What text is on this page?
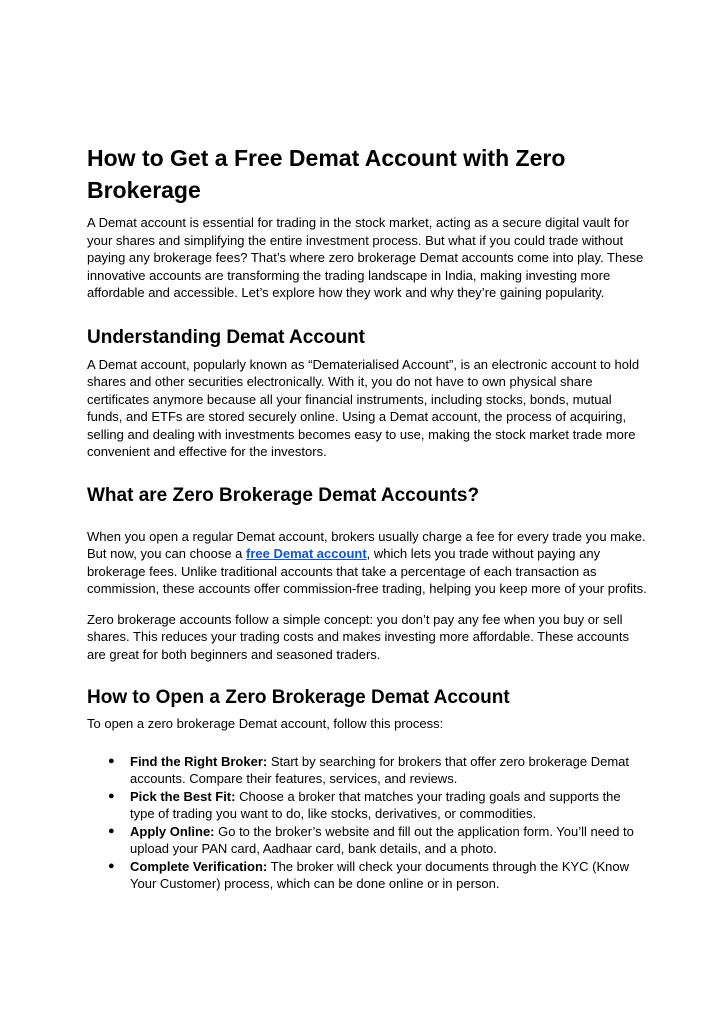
How to Get a Free Demat Account with Zero Brokerage

A Demat account is essential for trading in the stock market, acting as a secure digital vault for your shares and simplifying the entire investment process. But what if you could trade without paying any brokerage fees? That’s where zero brokerage Demat accounts come into play. These innovative accounts are transforming the trading landscape in India, making investing more affordable and accessible. Let’s explore how they work and why they’re gaining popularity.

Understanding Demat Account

A Demat account, popularly known as “Dematerialised Account”, is an electronic account to hold shares and other securities electronically. With it, you do not have to own physical share certificates anymore because all your financial instruments, including stocks, bonds, mutual funds, and ETFs are stored securely online. Using a Demat account, the process of acquiring, selling and dealing with investments becomes easy to use, making the stock market trade more convenient and effective for the investors.

What are Zero Brokerage Demat Accounts?

When you open a regular Demat account, brokers usually charge a fee for every trade you make. But now, you can choose a free Demat account, which lets you trade without paying any brokerage fees. Unlike traditional accounts that take a percentage of each transaction as commission, these accounts offer commission-free trading, helping you keep more of your profits.

Zero brokerage accounts follow a simple concept: you don’t pay any fee when you buy or sell shares. This reduces your trading costs and makes investing more affordable. These accounts are great for both beginners and seasoned traders.

How to Open a Zero Brokerage Demat Account

To open a zero brokerage Demat account, follow this process:

● Find the Right Broker: Start by searching for brokers that offer zero brokerage Demat accounts. Compare their features, services, and reviews.
● Pick the Best Fit: Choose a broker that matches your trading goals and supports the type of trading you want to do, like stocks, derivatives, or commodities.
● Apply Online: Go to the broker’s website and fill out the application form. You’ll need to upload your PAN card, Aadhaar card, bank details, and a photo.
● Complete Verification: The broker will check your documents through the KYC (Know Your Customer) process, which can be done online or in person.
